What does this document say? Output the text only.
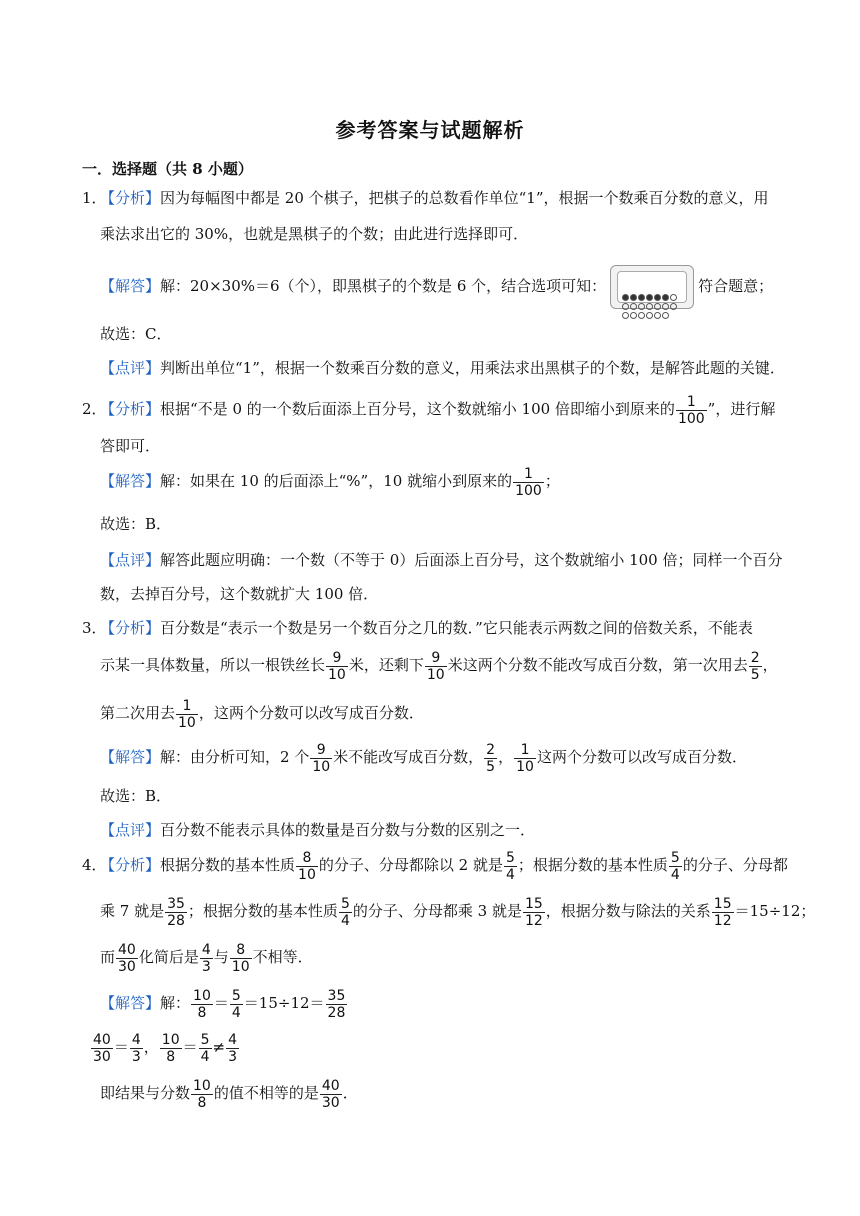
参考答案与试题解析
一．选择题（共 8 小题）
1．
【分析】因为每幅图中都是 20 个棋子，把棋子的总数看作单位“1”，根据一个数乘百分数的意义，用
乘法求出它的 30%，也就是黑棋子的个数；由此进行选择即可．
【解答】解：20×30%＝6（个），即黑棋子的个数是 6 个，结合选项可知：	符合题意；
故选：C．
【点评】判断出单位“1”，根据一个数乘百分数的意义，用乘法求出黑棋子的个数，是解答此题的关键．
2．
【分析】根据“不是 0 的一个数后面添上百分号，这个数就缩小 100 倍即缩小到原来的 $\frac{1}{100}$ ”，进行解
答即可．
【解答】解：如果在 10 的后面添上“%”，10 就缩小到原来的 $\frac{1}{100}$ ；
故选：B．
【点评】解答此题应明确：一个数（不等于 0）后面添上百分号，这个数就缩小 100 倍；同样一个百分
数，去掉百分号，这个数就扩大 100 倍．
3．
【分析】百分数是“表示一个数是另一个数百分之几的数．”它只能表示两数之间的倍数关系，不能表
示某一具体数量，所以一根铁丝长 $\frac{9}{10}$ 米，还剩下 $\frac{9}{10}$ 米这两个分数不能改写成百分数，第一次用去 $\frac{2}{5}$ ，
第二次用去 $\frac{1}{10}$ ，这两个分数可以改写成百分数．
【解答】解：由分析可知，2 个 $\frac{9}{10}$ 米不能改写成百分数， $\frac{2}{5}$ ， $\frac{1}{10}$ 这两个分数可以改写成百分数．
故选：B．
【点评】百分数不能表示具体的数量是百分数与分数的区别之一．
4．
【分析】根据分数的基本性质 $\frac{8}{10}$ 的分子、分母都除以 2 就是 $\frac{5}{4}$ ；根据分数的基本性质 $\frac{5}{4}$ 的分子、分母都
乘 7 就是 $\frac{35}{28}$ ；根据分数的基本性质 $\frac{5}{4}$ 的分子、分母都乘 3 就是 $\frac{15}{12}$ ，根据分数与除法的关系 $\frac{15}{12} =15\div 12$；
而 $\frac{40}{30}$ 化简后是 $\frac{4}{3}$ 与 $\frac{8}{10}$ 不相等．
【解答】解： $\frac{10}{8} = \frac{5}{4} =15\div 12= \frac{35}{28}$
$\frac{40}{30} = \frac{4}{3}$ ， $\frac{10}{8} = \frac{5}{4} \ne \frac{4}{3}$
即结果与分数 $\frac{10}{8}$ 的值不相等的是 $\frac{40}{30}$ ．
